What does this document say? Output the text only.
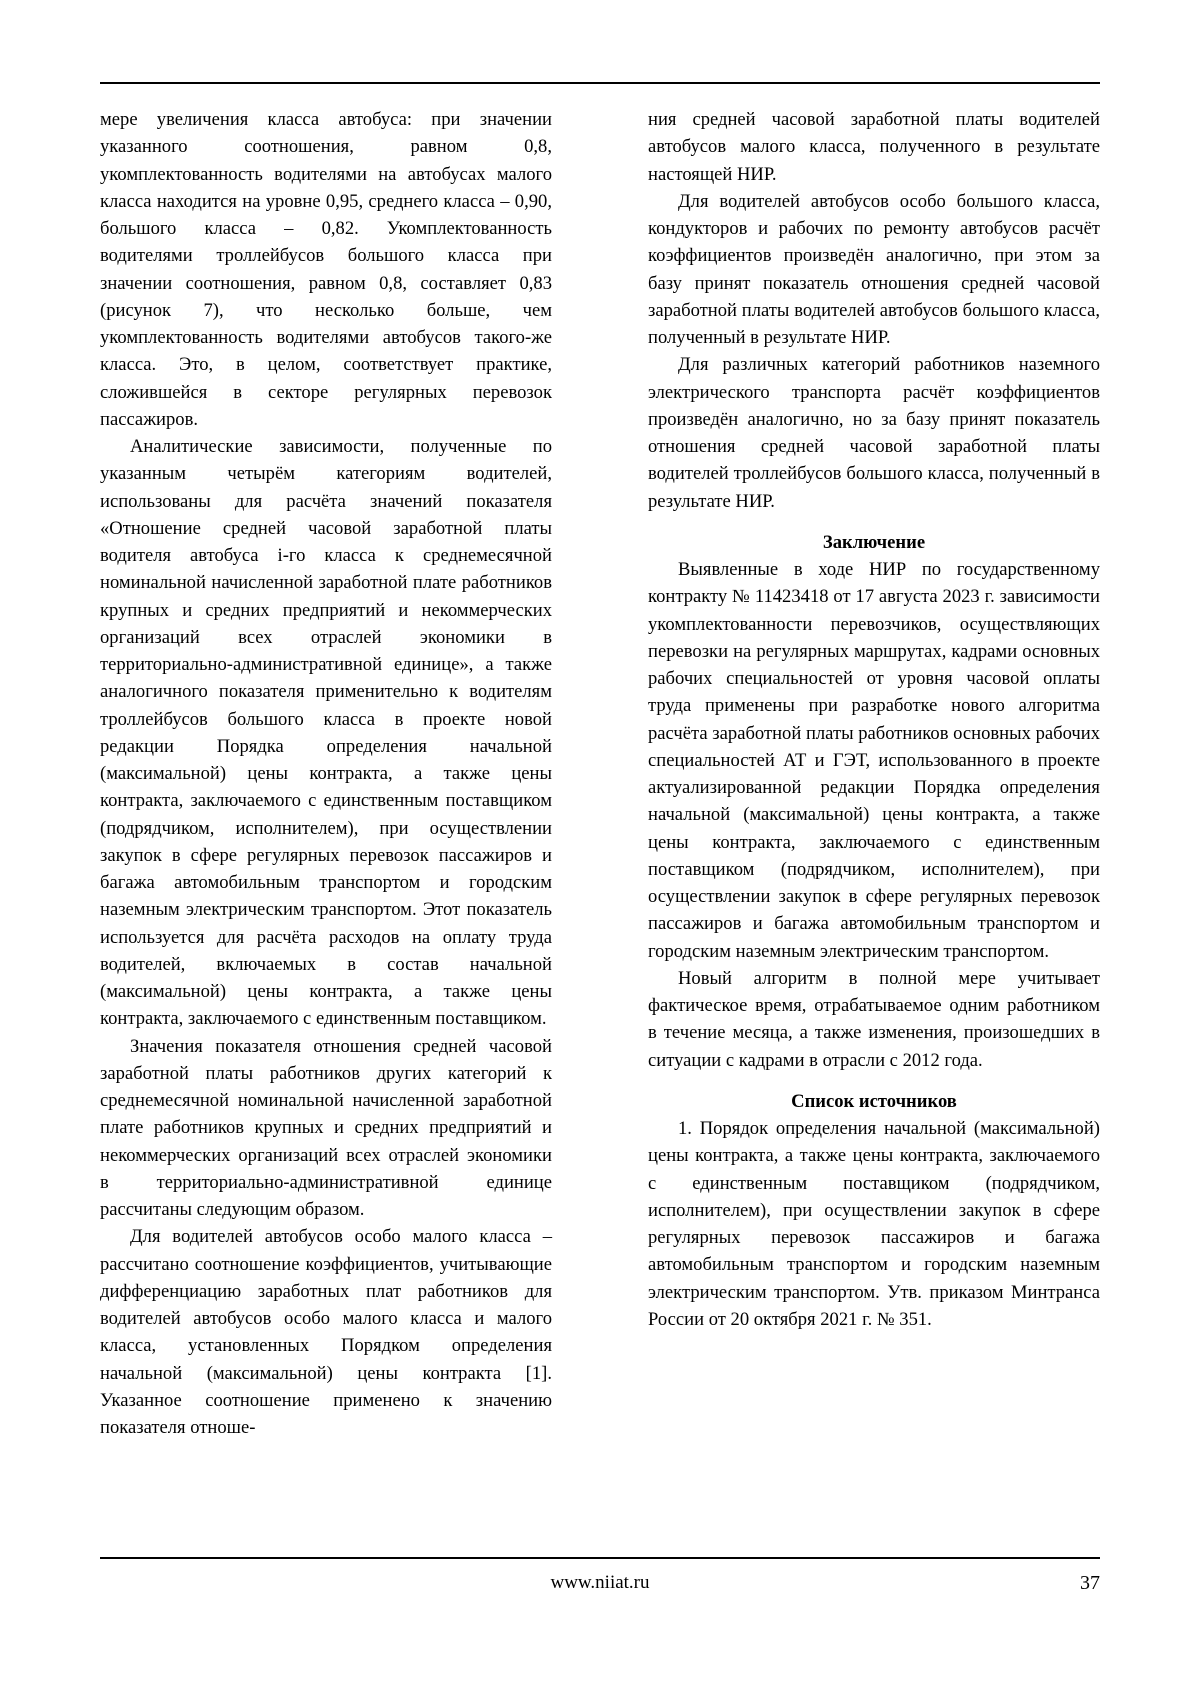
мере увеличения класса автобуса: при значении указанного соотношения, равном 0,8, укомплектованность водителями на автобусах малого класса находится на уровне 0,95, среднего класса – 0,90, большого класса – 0,82. Укомплектованность водителями троллейбусов большого класса при значении соотношения, равном 0,8, составляет 0,83 (рисунок 7), что несколько больше, чем укомплектованность водителями автобусов такого-же класса. Это, в целом, соответствует практике, сложившейся в секторе регулярных перевозок пассажиров.

Аналитические зависимости, полученные по указанным четырём категориям водителей, использованы для расчёта значений показателя «Отношение средней часовой заработной платы водителя автобуса i-го класса к среднемесячной номинальной начисленной заработной плате работников крупных и средних предприятий и некоммерческих организаций всех отраслей экономики в территориально-административной единице», а также аналогичного показателя применительно к водителям троллейбусов большого класса в проекте новой редакции Порядка определения начальной (максимальной) цены контракта, а также цены контракта, заключаемого с единственным поставщиком (подрядчиком, исполнителем), при осуществлении закупок в сфере регулярных перевозок пассажиров и багажа автомобильным транспортом и городским наземным электрическим транспортом. Этот показатель используется для расчёта расходов на оплату труда водителей, включаемых в состав начальной (максимальной) цены контракта, а также цены контракта, заключаемого с единственным поставщиком.

Значения показателя отношения средней часовой заработной платы работников других категорий к среднемесячной номинальной начисленной заработной плате работников крупных и средних предприятий и некоммерческих организаций всех отраслей экономики в территориально-административной единице рассчитаны следующим образом.

Для водителей автобусов особо малого класса – рассчитано соотношение коэффициентов, учитывающие дифференциацию заработных плат работников для водителей автобусов особо малого класса и малого класса, установленных Порядком определения начальной (максимальной) цены контракта [1]. Указанное соотношение применено к значению показателя отноше-

ния средней часовой заработной платы водителей автобусов малого класса, полученного в результате настоящей НИР.

Для водителей автобусов особо большого класса, кондукторов и рабочих по ремонту автобусов расчёт коэффициентов произведён аналогично, при этом за базу принят показатель отношения средней часовой заработной платы водителей автобусов большого класса, полученный в результате НИР.

Для различных категорий работников наземного электрического транспорта расчёт коэффициентов произведён аналогично, но за базу принят показатель отношения средней часовой заработной платы водителей троллейбусов большого класса, полученный в результате НИР.

Заключение

Выявленные в ходе НИР по государственному контракту № 11423418 от 17 августа 2023 г. зависимости укомплектованности перевозчиков, осуществляющих перевозки на регулярных маршрутах, кадрами основных рабочих специальностей от уровня часовой оплаты труда применены при разработке нового алгоритма расчёта заработной платы работников основных рабочих специальностей АТ и ГЭТ, использованного в проекте актуализированной редакции Порядка определения начальной (максимальной) цены контракта, а также цены контракта, заключаемого с единственным поставщиком (подрядчиком, исполнителем), при осуществлении закупок в сфере регулярных перевозок пассажиров и багажа автомобильным транспортом и городским наземным электрическим транспортом.

Новый алгоритм в полной мере учитывает фактическое время, отрабатываемое одним работником в течение месяца, а также изменения, произошедших в ситуации с кадрами в отрасли с 2012 года.

Список источников

1. Порядок определения начальной (максимальной) цены контракта, а также цены контракта, заключаемого с единственным поставщиком (подрядчиком, исполнителем), при осуществлении закупок в сфере регулярных перевозок пассажиров и багажа автомобильным транспортом и городским наземным электрическим транспортом. Утв. приказом Минтранса России от 20 октября 2021 г. № 351.

www.niiat.ru	37
